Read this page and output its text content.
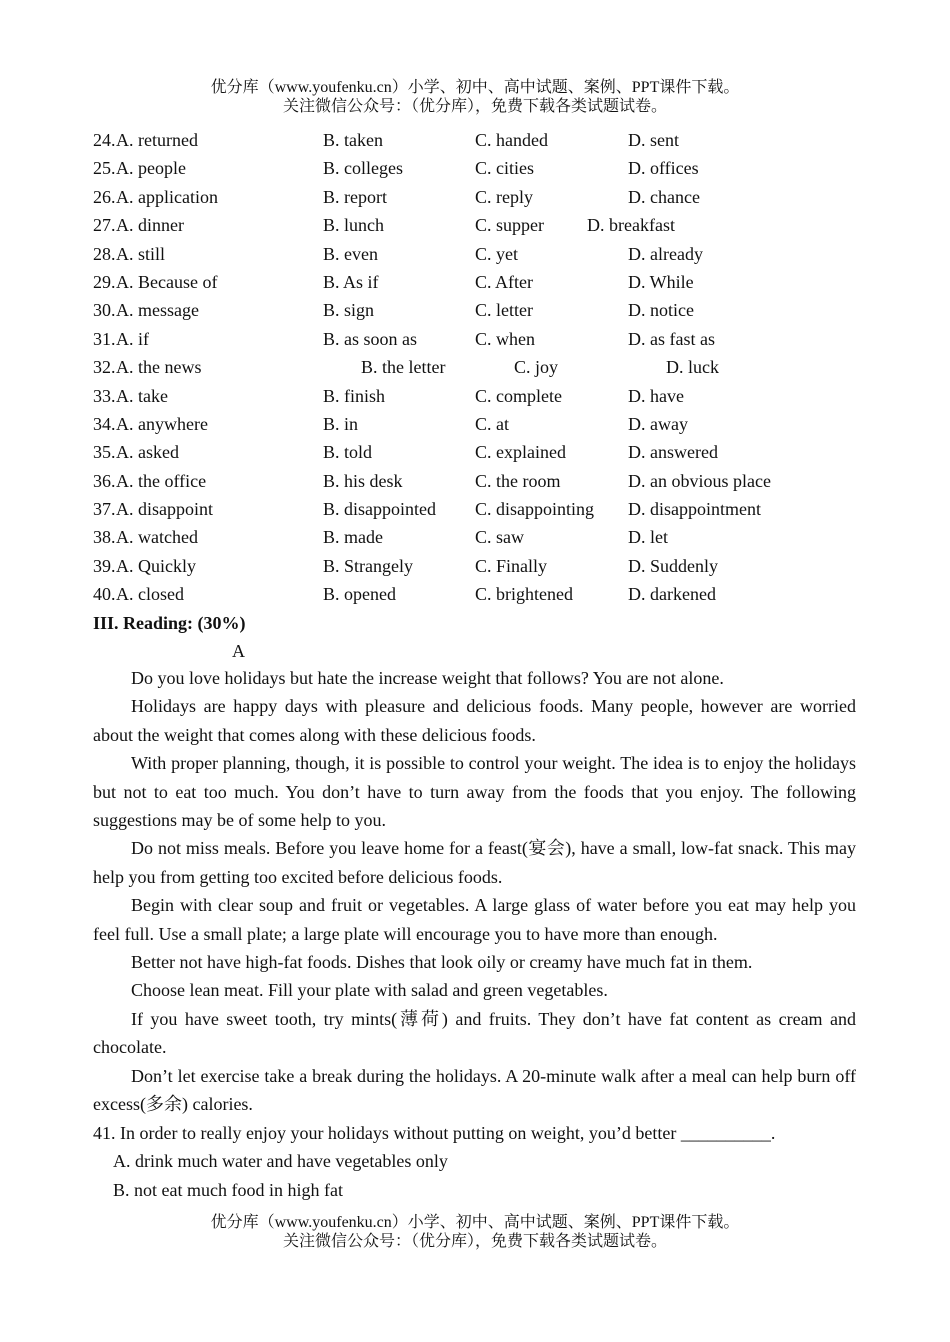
优分库（www.youfenku.cn）小学、初中、高中试题、案例、PPT课件下载。
关注微信公众号：（优分库），免费下载各类试题试卷。
24. A. returned	B. taken	C. handed	D. sent
25. A. people	B. colleges	C. cities	D. offices
26. A. application	B. report	C. reply	D. chance
27. A. dinner	B. lunch	C. supper D. breakfast
28. A. still	B. even	C. yet	D. already
29. A. Because of	B. As if	C. After	D. While
30. A. message	B. sign	C. letter	D. notice
31. A. if	B. as soon as	C. when	D. as fast as
32. A. the news	B. the letter	C. joy	D. luck
33. A. take	B. finish	C. complete	D. have
34. A. anywhere	B. in	C. at	D. away
35. A. asked	B. told	C. explained	D. answered
36. A. the office	B. his desk	C. the room	D. an obvious place
37. A. disappoint	B. disappointed C. disappointing D. disappointment
38. A. watched	B. made	C. saw	D. let
39. A. Quickly	B. Strangely	C. Finally	D. Suddenly
40. A. closed	B. opened	C. brightened	D. darkened
III. Reading: (30%)
A

Do you love holidays but hate the increase weight that follows? You are not alone.

Holidays are happy days with pleasure and delicious foods. Many people, however are worried about the weight that comes along with these delicious foods.

With proper planning, though, it is possible to control your weight. The idea is to enjoy the holidays but not to eat too much. You don’t have to turn away from the foods that you enjoy. The following suggestions may be of some help to you.

Do not miss meals. Before you leave home for a feast(宴会), have a small, low-fat snack. This may help you from getting too excited before delicious foods.

Begin with clear soup and fruit or vegetables. A large glass of water before you eat may help you feel full. Use a small plate; a large plate will encourage you to have more than enough.

Better not have high-fat foods. Dishes that look oily or creamy have much fat in them.

Choose lean meat. Fill your plate with salad and green vegetables.

If you have sweet tooth, try mints(薄荷) and fruits. They don’t have fat content as cream and chocolate.

Don’t let exercise take a break during the holidays. A 20-minute walk after a meal can help burn off excess(多余) calories.

41. In order to really enjoy your holidays without putting on weight, you’d better __________.

A. drink much water and have vegetables only

B. not eat much food in high fat

优分库（www.youfenku.cn）小学、初中、高中试题、案例、PPT课件下载。
关注微信公众号：（优分库），免费下载各类试题试卷。
